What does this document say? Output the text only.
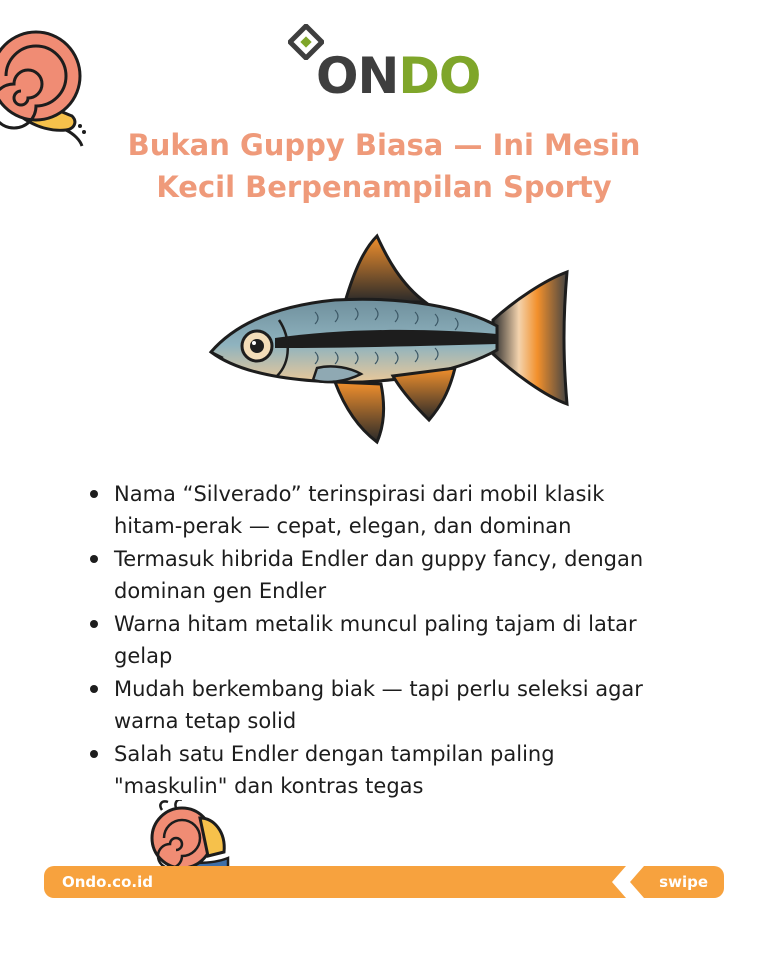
ONDO
Bukan Guppy Biasa — Ini Mesin
Kecil Berpenampilan Sporty
Nama “Silverado” terinspirasi dari mobil klasik
hitam-perak — cepat, elegan, dan dominan
Termasuk hibrida Endler dan guppy fancy, dengan
dominan gen Endler
Warna hitam metalik muncul paling tajam di latar
gelap
Mudah berkembang biak — tapi perlu seleksi agar
warna tetap solid
Salah satu Endler dengan tampilan paling
"maskulin" dan kontras tegas
Ondo.co.id	swipe
